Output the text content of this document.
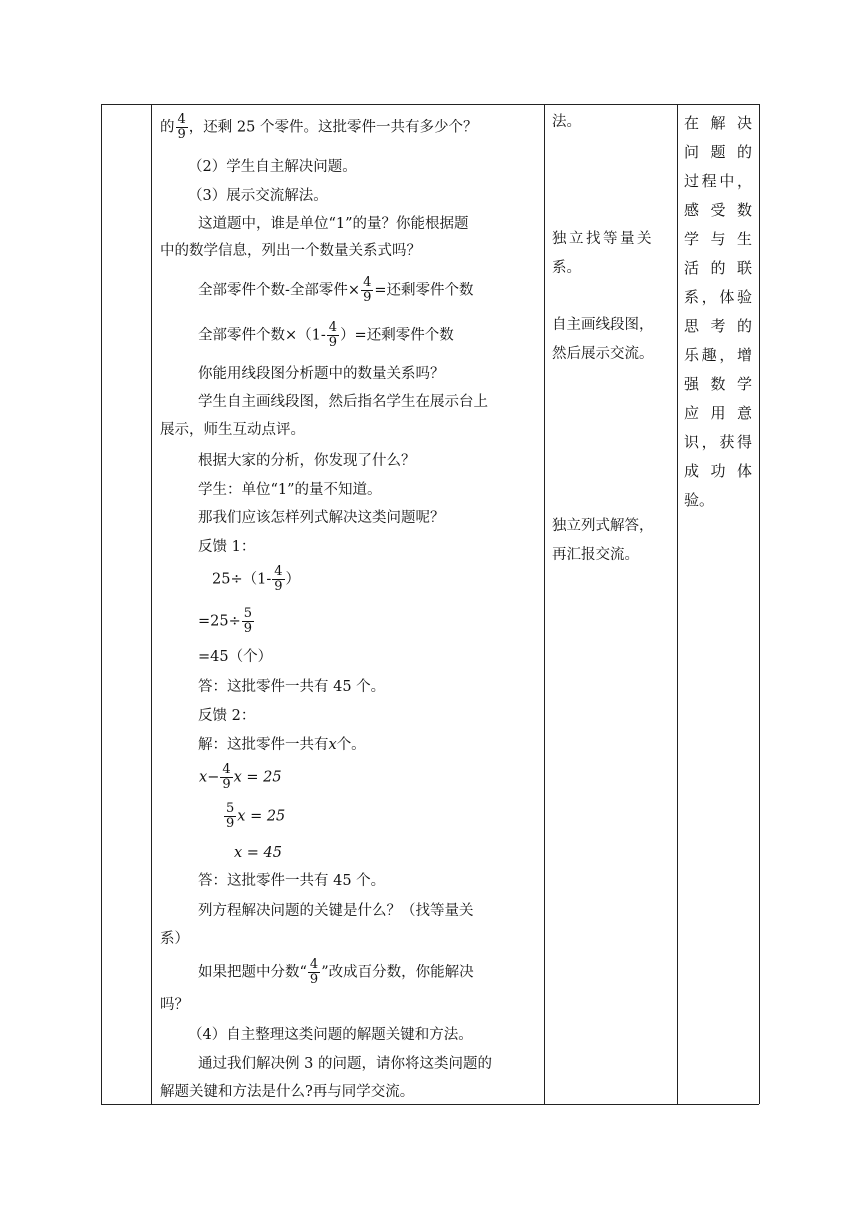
的 $\frac{4}{9}$ ，还剩 25 个零件。这批零件一共有多少个？
（2）学生自主解决问题。
（3）展示交流解法。
这道题中，谁是单位“1”的量？你能根据题
中的数学信息，列出一个数量关系式吗？
全部零件个数-全部零件× $\frac{4}{9}$ =还剩零件个数
全部零件个数$\times(1- \frac{4}{9}$ ）=还剩零件个数
你能用线段图分析题中的数量关系吗？
学生自主画线段图，然后指名学生在展示台上
展示，师生互动点评。
根据大家的分析，你发现了什么？
学生：单位“1”的量不知道。
那我们应该怎样列式解决这类问题呢？
反馈 1：
$25\div(1- \frac{4}{9}$ ）
$=25\div \frac{5}{9}$
=45（个）
答：这批零件一共有 45 个。
反馈 2：
解：这批零件一共有x个。
$x- \frac{4}{9}$ x = 25
$\frac{5}{9}$ x = 25
x = 45
答：这批零件一共有 45 个。
列方程解决问题的关键是什么？（找等量关
系）
如果把题中分数“ $\frac{4}{9}$ ”改成百分数，你能解决
吗？
（4）自主整理这类问题的解题关键和方法。
通过我们解决例 3 的问题，请你将这类问题的
解题关键和方法是什么?再与同学交流。
法。
独立找等量关
系。
自主画线段图，
然后展示交流。
独立列式解答，
再汇报交流。
在解决
问题的
过程中，
感受数
学与生
活的联
系，体验
思考的
乐趣，增
强数学
应用意
识，获得
成功体
验。
